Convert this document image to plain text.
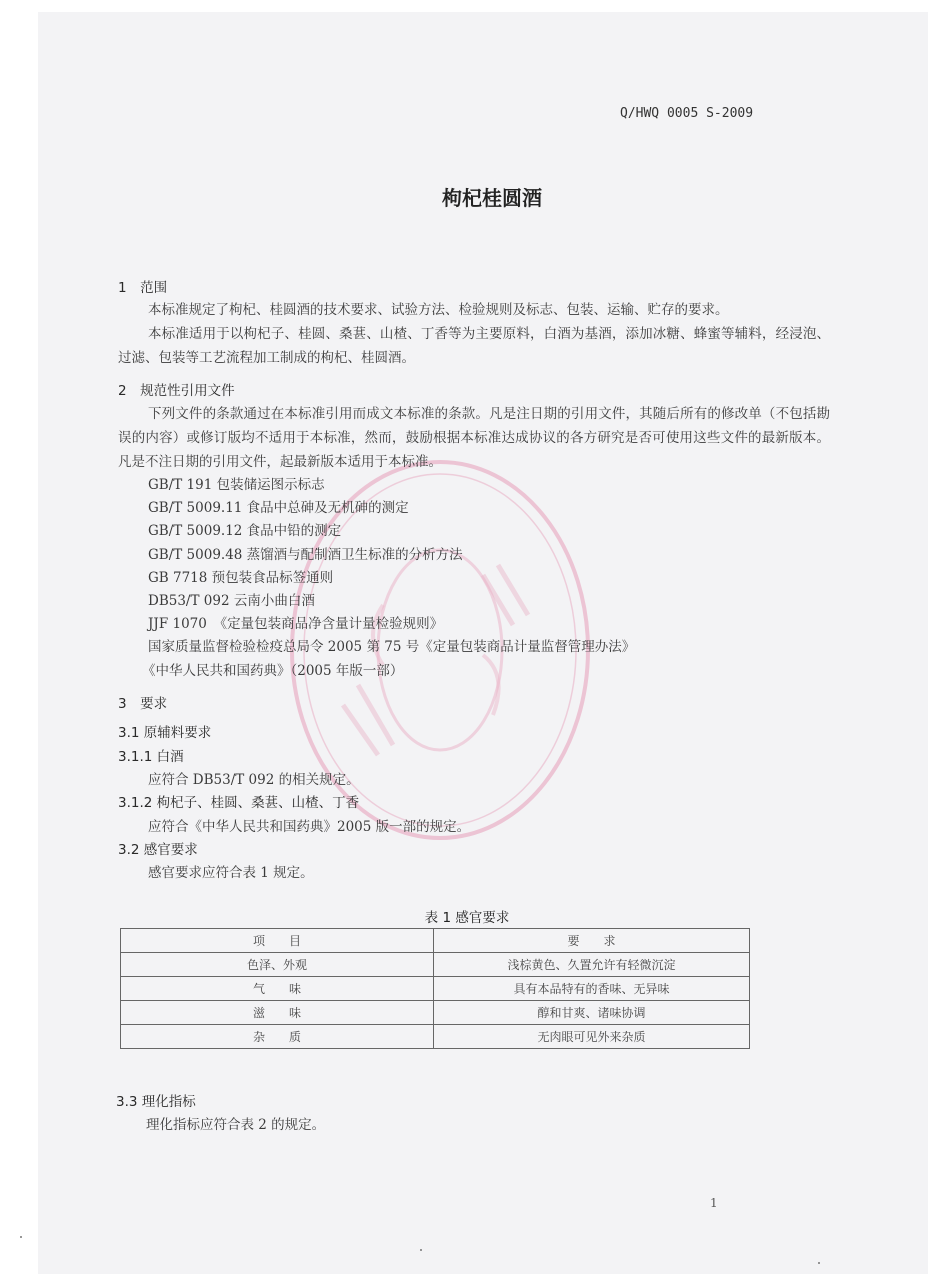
Q/HWQ 0005 S-2009
枸杞桂圆酒
1　范围
本标准规定了枸杞、桂圆酒的技术要求、试验方法、检验规则及标志、包装、运输、贮存的要求。
本标准适用于以枸杞子、桂圆、桑葚、山楂、丁香等为主要原料，白酒为基酒，添加冰糖、蜂蜜等辅料，经浸泡、过滤、包装等工艺流程加工制成的枸杞、桂圆酒。
2　规范性引用文件
下列文件的条款通过在本标准引用而成文本标准的条款。凡是注日期的引用文件，其随后所有的修改单（不包括勘误的内容）或修订版均不适用于本标准，然而，鼓励根据本标准达成协议的各方研究是否可使用这些文件的最新版本。凡是不注日期的引用文件，起最新版本适用于本标准。
GB/T 191 包装储运图示标志
GB/T 5009.11 食品中总砷及无机砷的测定
GB/T 5009.12 食品中铅的测定
GB/T 5009.48 蒸馏酒与配制酒卫生标准的分析方法
GB 7718 预包装食品标签通则
DB53/T 092 云南小曲白酒
JJF 1070　《定量包装商品净含量计量检验规则》
国家质量监督检验检疫总局令 2005 第 75 号《定量包装商品计量监督管理办法》
《中华人民共和国药典》（2005 年版一部）
3　要求
3.1 原辅料要求
3.1.1 白酒
应符合 DB53/T 092 的相关规定。
3.1.2 枸杞子、桂圆、桑葚、山楂、丁香
应符合《中华人民共和国药典》2005 版一部的规定。
3.2 感官要求
感官要求应符合表 1 规定。
表 1 感官要求
项　　目	要　　求
色泽、外观	浅棕黄色、久置允许有轻微沉淀
气　　味	具有本品特有的香味、无异味
滋　　味	醇和甘爽、诸味协调
杂　　质	无肉眼可见外来杂质
3.3 理化指标
理化指标应符合表 2 的规定。
1
